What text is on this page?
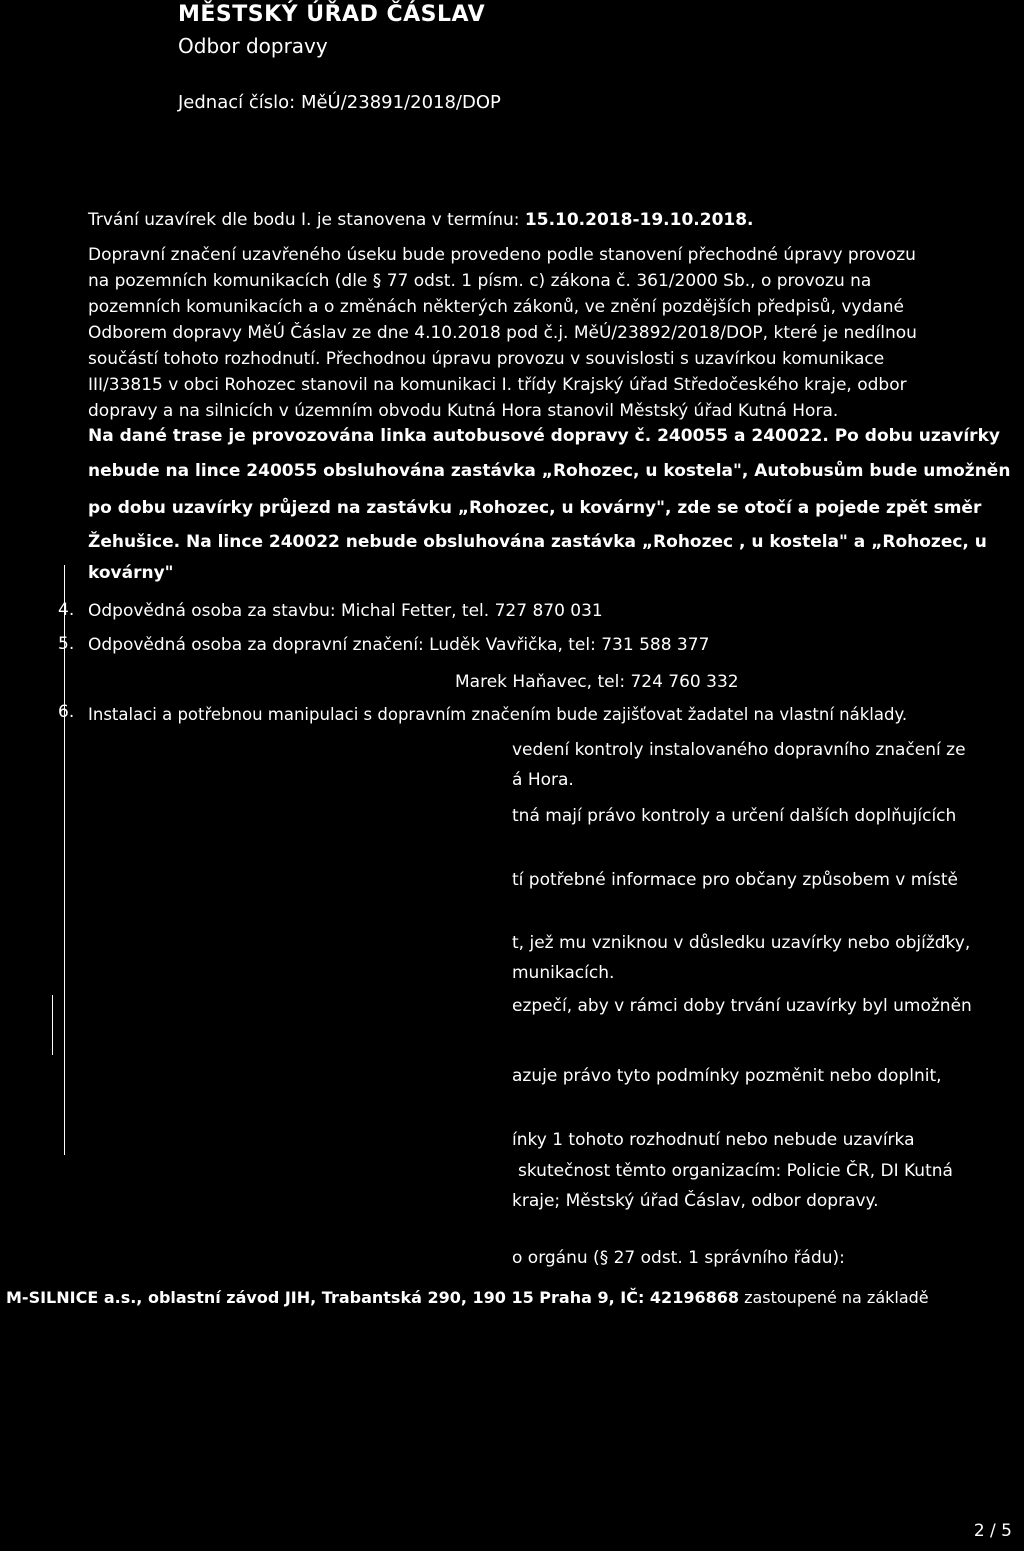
MĚSTSKÝ ÚŘAD ČÁSLAV
Odbor dopravy
Jednací číslo: MěÚ/23891/2018/DOP
Trvání uzavírek dle bodu I. je stanovena v termínu: 15.10.2018-19.10.2018.
Dopravní značení uzavřeného úseku bude provedeno podle stanovení přechodné úpravy provozu
na pozemních komunikacích (dle § 77 odst. 1 písm. c) zákona č. 361/2000 Sb., o provozu na
pozemních komunikacích a o změnách některých zákonů, ve znění pozdějších předpisů, vydané
Odborem dopravy MěÚ Čáslav ze dne 4.10.2018 pod č.j. MěÚ/23892/2018/DOP, které je nedílnou
součástí tohoto rozhodnutí. Přechodnou úpravu provozu v souvislosti s uzavírkou komunikace
III/33815 v obci Rohozec stanovil na komunikaci I. třídy Krajský úřad Středočeského kraje, odbor
dopravy a na silnicích v územním obvodu Kutná Hora stanovil Městský úřad Kutná Hora.
Na dané trase je provozována linka autobusové dopravy č. 240055 a 240022. Po dobu uzavírky
nebude na lince 240055 obsluhována zastávka „Rohozec, u kostela", Autobusům bude umožněn
po dobu uzavírky průjezd na zastávku „Rohozec, u kovárny", zde se otočí a pojede zpět směr
Žehušice. Na lince 240022 nebude obsluhována zastávka „Rohozec , u kostela" a „Rohozec, u
kovárny"
4. Odpovědná osoba za stavbu: Michal Fetter, tel. 727 870 031
5. Odpovědná osoba za dopravní značení: Luděk Vavřička, tel: 731 588 377
Marek Haňavec, tel: 724 760 332
6. Instalaci a potřebnou manipulaci s dopravním značením bude zajišťovat žadatel na vlastní náklady.
vedení kontroly instalovaného dopravního značení ze
á Hora.
tná mají právo kontroly a určení dalších doplňujících
tí potřebné informace pro občany způsobem v místě
t, jež mu vzniknou v důsledku uzavírky nebo objížďky,
munikacích.
ezpečí, aby v rámci doby trvání uzavírky byl umožněn
azuje právo tyto podmínky pozměnit nebo doplnit,
ínky 1 tohoto rozhodnutí nebo nebude uzavírka
skutečnost těmto organizacím: Policie ČR, DI Kutná
kraje; Městský úřad Čáslav, odbor dopravy.
o orgánu (§ 27 odst. 1 správního řádu):
M-SILNICE a.s., oblastní závod JIH, Trabantská 290, 190 15 Praha 9, IČ: 42196868 zastoupené na základě
2 / 5
